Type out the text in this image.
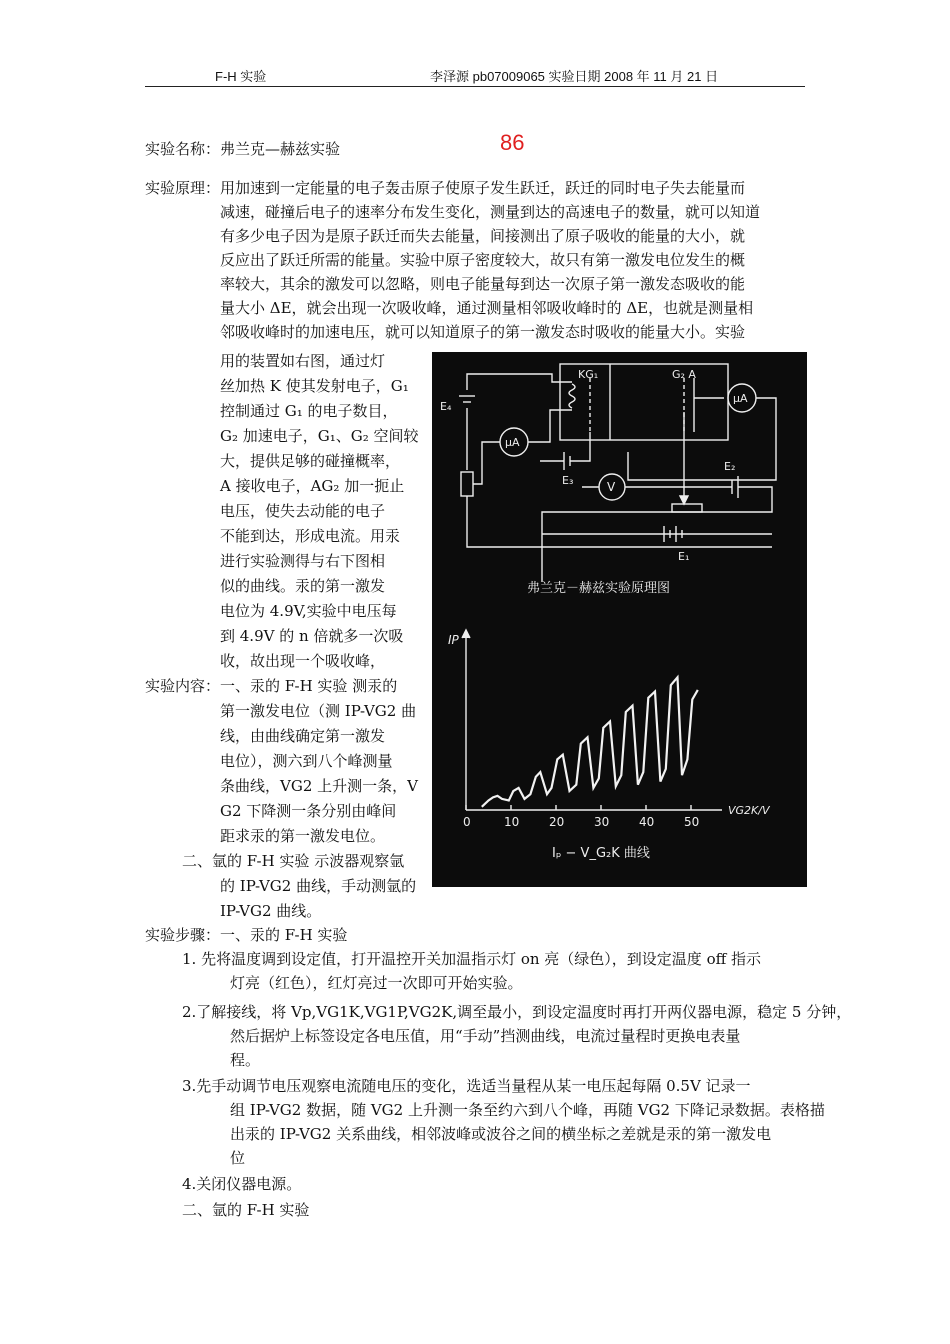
F-H 实验	李泽源 pb07009065 实验日期 2008 年 11 月 21 日
实验名称：弗兰克—赫兹实验	86
实验原理：用加速到一定能量的电子轰击原子使原子发生跃迁，跃迁的同时电子失去能量而
减速，碰撞后电子的速率分布发生变化，测量到达的高速电子的数量，就可以知道
有多少电子因为是原子跃迁而失去能量，间接测出了原子吸收的能量的大小，就
反应出了跃迁所需的能量。实验中原子密度较大，故只有第一激发电位发生的概
率较大，其余的激发可以忽略，则电子能量每到达一次原子第一激发态吸收的能
量大小 ΔE，就会出现一次吸收峰，通过测量相邻吸收峰时的 ΔE，也就是测量相
邻吸收峰时的加速电压，就可以知道原子的第一激发态时吸收的能量大小。实验
用的装置如右图，通过灯
丝加热 K 使其发射电子，G₁
控制通过 G₁ 的电子数目，
G₂ 加速电子，G₁、G₂ 空间较
大，提供足够的碰撞概率，
A 接收电子，AG₂ 加一扼止
电压，使失去动能的电子
不能到达，形成电流。用汞
进行实验测得与右下图相
似的曲线。汞的第一激发
电位为 4.9V,实验中电压每
到 4.9V 的 n 倍就多一次吸
收，故出现一个吸收峰，
实验内容：一、汞的 F-H 实验 测汞的
第一激发电位（测 IP-VG2 曲
线，由曲线确定第一激发
电位），测六到八个峰测量
条曲线，VG2 上升测一条，V
G2 下降测一条分别由峰间
距求汞的第一激发电位。
二、氩的 F-H 实验 示波器观察氩
的 IP-VG2 曲线，手动测氩的
IP-VG2 曲线。
实验步骤：一、汞的 F-H 实验
1. 先将温度调到设定值，打开温控开关加温指示灯 on 亮（绿色），到设定温度 off 指示
灯亮（红色），红灯亮过一次即可开始实验。
2.了解接线，将 Vp,VG1K,VG1P,VG2K,调至最小，到设定温度时再打开两仪器电源，稳定 5 分钟，
然后据炉上标签设定各电压值，用“手动”挡测曲线，电流过量程时更换电表量
程。
3.先手动调节电压观察电流随电压的变化，选适当量程从某一电压起每隔 0.5V 记录一
组 IP-VG2 数据，随 VG2 上升测一条至约六到八个峰，再随 VG2 下降记录数据。表格描
出汞的 IP-VG2 关系曲线，相邻波峰或波谷之间的横坐标之差就是汞的第一激发电
位
4.关闭仪器电源。
二、氩的 F-H 实验
KG₁	G₂ A
μA
E₄
μA
E₃	V
E₂
E₁
弗兰克－赫兹实验原理图
IP
VG2K/V
0	10 20 30 40 50
Iₚ − V_G₂K 曲线
